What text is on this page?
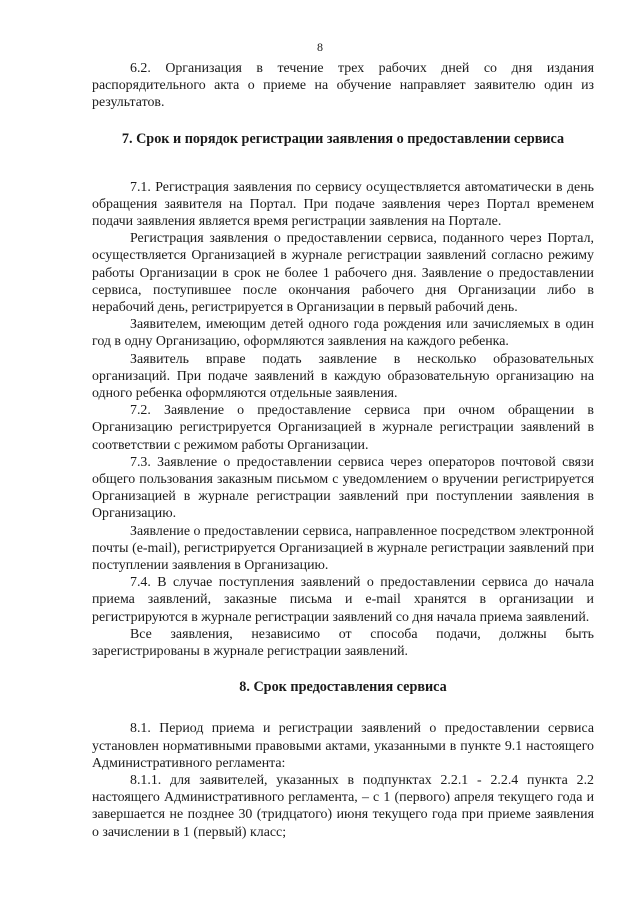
8

6.2. Организация в течение трех рабочих дней со дня издания распорядительного акта о приеме на обучение направляет заявителю один из результатов.

7. Срок и порядок регистрации заявления о предоставлении сервиса

7.1. Регистрация заявления по сервису осуществляется автоматически в день обращения заявителя на Портал. При подаче заявления через Портал временем подачи заявления является время регистрации заявления на Портале.

Регистрация заявления о предоставлении сервиса, поданного через Портал, осуществляется Организацией в журнале регистрации заявлений согласно режиму работы Организации в срок не более 1 рабочего дня. Заявление о предоставлении сервиса, поступившее после окончания рабочего дня Организации либо в нерабочий день, регистрируется в Организации в первый рабочий день.

Заявителем, имеющим детей одного года рождения или зачисляемых в один год в одну Организацию, оформляются заявления на каждого ребенка.

Заявитель вправе подать заявление в несколько образовательных организаций. При подаче заявлений в каждую образовательную организацию на одного ребенка оформляются отдельные заявления.

7.2. Заявление о предоставление сервиса при очном обращении в Организацию регистрируется Организацией в журнале регистрации заявлений в соответствии с режимом работы Организации.

7.3. Заявление о предоставлении сервиса через операторов почтовой связи общего пользования заказным письмом с уведомлением о вручении регистрируется Организацией в журнале регистрации заявлений при поступлении заявления в Организацию.

Заявление о предоставлении сервиса, направленное посредством электронной почты (e-mail), регистрируется Организацией в журнале регистрации заявлений при поступлении заявления в Организацию.

7.4. В случае поступления заявлений о предоставлении сервиса до начала приема заявлений, заказные письма и e-mail хранятся в организации и регистрируются в журнале регистрации заявлений со дня начала приема заявлений.

Все заявления, независимо от способа подачи, должны быть зарегистрированы в журнале регистрации заявлений.

8. Срок предоставления сервиса

8.1. Период приема и регистрации заявлений о предоставлении сервиса установлен нормативными правовыми актами, указанными в пункте 9.1 настоящего Административного регламента:

8.1.1. для заявителей, указанных в подпунктах 2.2.1 - 2.2.4 пункта 2.2 настоящего Административного регламента, – с 1 (первого) апреля текущего года и завершается не позднее 30 (тридцатого) июня текущего года при приеме заявления о зачислении в 1 (первый) класс;
